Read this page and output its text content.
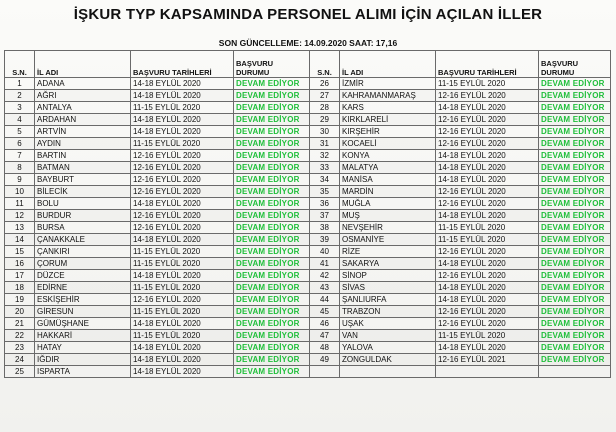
İŞKUR TYP KAPSAMINDA PERSONEL ALIMI İÇİN AÇILAN İLLER
SON GÜNCELLEME: 14.09.2020 SAAT: 17,16
S.N.	İL ADI	BAŞVURU TARİHLERİ	BAŞVURU
DURUMU	S.N.	İL ADI	BAŞVURU TARİHLERİ	BAŞVURU
DURUMU
1	ADANA	14-18 EYLÜL 2020	DEVAM EDİYOR	26	İZMİR	11-15 EYLÜL 2020	DEVAM EDİYOR
2	AĞRI	14-18 EYLÜL 2020	DEVAM EDİYOR	27	KAHRAMANMARAŞ	12-16 EYLÜL 2020	DEVAM EDİYOR
3	ANTALYA	11-15 EYLÜL 2020	DEVAM EDİYOR	28	KARS	14-18 EYLÜL 2020	DEVAM EDİYOR
4	ARDAHAN	14-18 EYLÜL 2020	DEVAM EDİYOR	29	KIRKLARELİ	12-16 EYLÜL 2020	DEVAM EDİYOR
5	ARTVİN	14-18 EYLÜL 2020	DEVAM EDİYOR	30	KIRŞEHİR	12-16 EYLÜL 2020	DEVAM EDİYOR
6	AYDIN	11-15 EYLÜL 2020	DEVAM EDİYOR	31	KOCAELİ	12-16 EYLÜL 2020	DEVAM EDİYOR
7	BARTIN	12-16 EYLÜL 2020	DEVAM EDİYOR	32	KONYA	14-18 EYLÜL 2020	DEVAM EDİYOR
8	BATMAN	12-16 EYLÜL 2020	DEVAM EDİYOR	33	MALATYA	14-18 EYLÜL 2020	DEVAM EDİYOR
9	BAYBURT	12-16 EYLÜL 2020	DEVAM EDİYOR	34	MANİSA	14-18 EYLÜL 2020	DEVAM EDİYOR
10	BİLECİK	12-16 EYLÜL 2020	DEVAM EDİYOR	35	MARDİN	12-16 EYLÜL 2020	DEVAM EDİYOR
11	BOLU	14-18 EYLÜL 2020	DEVAM EDİYOR	36	MUĞLA	12-16 EYLÜL 2020	DEVAM EDİYOR
12	BURDUR	12-16 EYLÜL 2020	DEVAM EDİYOR	37	MUŞ	14-18 EYLÜL 2020	DEVAM EDİYOR
13	BURSA	12-16 EYLÜL 2020	DEVAM EDİYOR	38	NEVŞEHİR	11-15 EYLÜL 2020	DEVAM EDİYOR
14	ÇANAKKALE	14-18 EYLÜL 2020	DEVAM EDİYOR	39	OSMANİYE	11-15 EYLÜL 2020	DEVAM EDİYOR
15	ÇANKIRI	11-15 EYLÜL 2020	DEVAM EDİYOR	40	RİZE	12-16 EYLÜL 2020	DEVAM EDİYOR
16	ÇORUM	11-15 EYLÜL 2020	DEVAM EDİYOR	41	SAKARYA	14-18 EYLÜL 2020	DEVAM EDİYOR
17	DÜZCE	14-18 EYLÜL 2020	DEVAM EDİYOR	42	SİNOP	12-16 EYLÜL 2020	DEVAM EDİYOR
18	EDİRNE	11-15 EYLÜL 2020	DEVAM EDİYOR	43	SİVAS	14-18 EYLÜL 2020	DEVAM EDİYOR
19	ESKİŞEHİR	12-16 EYLÜL 2020	DEVAM EDİYOR	44	ŞANLIURFA	14-18 EYLÜL 2020	DEVAM EDİYOR
20	GİRESUN	11-15 EYLÜL 2020	DEVAM EDİYOR	45	TRABZON	12-16 EYLÜL 2020	DEVAM EDİYOR
21	GÜMÜŞHANE	14-18 EYLÜL 2020	DEVAM EDİYOR	46	UŞAK	12-16 EYLÜL 2020	DEVAM EDİYOR
22	HAKKARİ	11-15 EYLÜL 2020	DEVAM EDİYOR	47	VAN	11-15 EYLÜL 2020	DEVAM EDİYOR
23	HATAY	14-18 EYLÜL 2020	DEVAM EDİYOR	48	YALOVA	14-18 EYLÜL 2020	DEVAM EDİYOR
24	IĞDIR	14-18 EYLÜL 2020	DEVAM EDİYOR	49	ZONGULDAK	12-16 EYLÜL 2021	DEVAM EDİYOR
25	ISPARTA	14-18 EYLÜL 2020	DEVAM EDİYOR				
